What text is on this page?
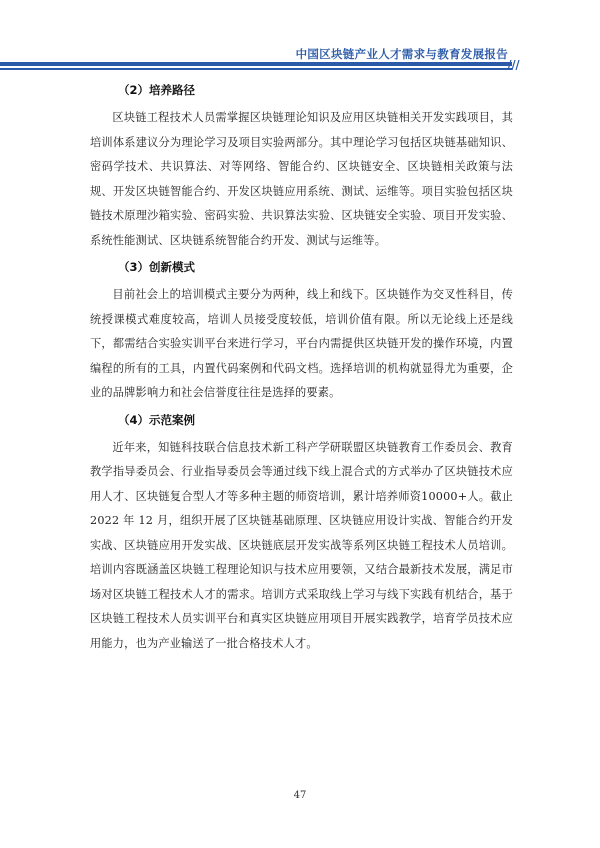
中国区块链产业人才需求与教育发展报告

（2）培养路径

区块链工程技术人员需掌握区块链理论知识及应用区块链相关开发实践项目，其培训体系建议分为理论学习及项目实验两部分。其中理论学习包括区块链基础知识、密码学技术、共识算法、对等网络、智能合约、区块链安全、区块链相关政策与法规、开发区块链智能合约、开发区块链应用系统、测试、运维等。项目实验包括区块链技术原理沙箱实验、密码实验、共识算法实验、区块链安全实验、项目开发实验、系统性能测试、区块链系统智能合约开发、测试与运维等。

（3）创新模式

目前社会上的培训模式主要分为两种，线上和线下。区块链作为交叉性科目，传统授课模式难度较高，培训人员接受度较低，培训价值有限。所以无论线上还是线下，都需结合实验实训平台来进行学习，平台内需提供区块链开发的操作环境，内置编程的所有的工具，内置代码案例和代码文档。选择培训的机构就显得尤为重要，企业的品牌影响力和社会信誉度往往是选择的要素。

（4）示范案例

近年来，知链科技联合信息技术新工科产学研联盟区块链教育工作委员会、教育教学指导委员会、行业指导委员会等通过线下线上混合式的方式举办了区块链技术应用人才、区块链复合型人才等多种主题的师资培训，累计培养师资10000+人。截止 2022 年 12 月，组织开展了区块链基础原理、区块链应用设计实战、智能合约开发实战、区块链应用开发实战、区块链底层开发实战等系列区块链工程技术人员培训。培训内容既涵盖区块链工程理论知识与技术应用要领，又结合最新技术发展，满足市场对区块链工程技术人才的需求。培训方式采取线上学习与线下实践有机结合，基于区块链工程技术人员实训平台和真实区块链应用项目开展实践教学，培育学员技术应用能力，也为产业输送了一批合格技术人才。

47
